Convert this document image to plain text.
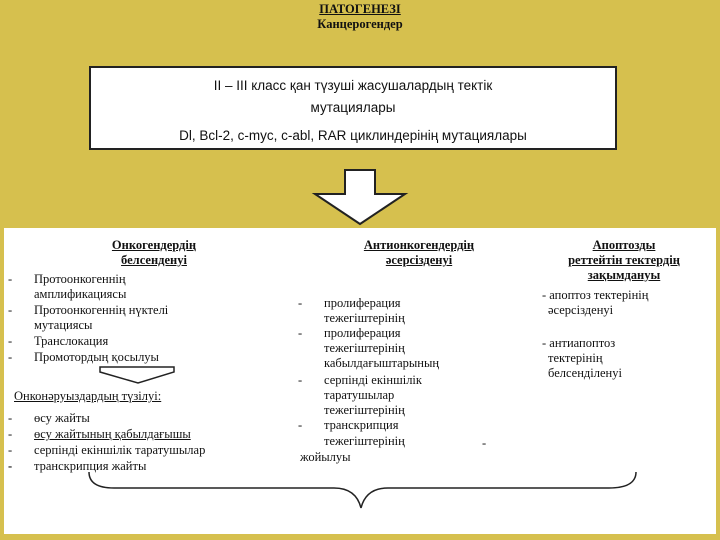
ПАТОГЕНЕЗІ
Канцерогендер
II – III класс қан түзуші жасушалардың тектік
мутациялары
Dl, Bcl-2, c-myc, c-abl, RAR циклиндерінің мутациялары
Онкогендердің
белсенденуі
- Протоонкогеннің
амплификациясы
- Протоонкогеннің нүктелі
мутациясы
- Транслокация
- Промотордың қосылуы
Онконәруыздардың түзілуі:
- өсу жайты
- өсу жайтының қабылдағышы
- серпінді екіншілік таратушылар
- транскрипция жайты
Антионкогендердің
әсерсізденуі
- пролиферация
тежегіштерінің
- пролиферация
тежегіштерінің
кабылдағыштарының
- серпінді екіншілік
таратушылар
тежегіштерінің
- транскрипция
тежегіштерінің	-
жойылуы
Апоптозды
реттейтін тектердің
зақымдануы
- апоптоз тектерінің
әсерсізденуі
- антиапоптоз
тектерінің
белсенділенуі
